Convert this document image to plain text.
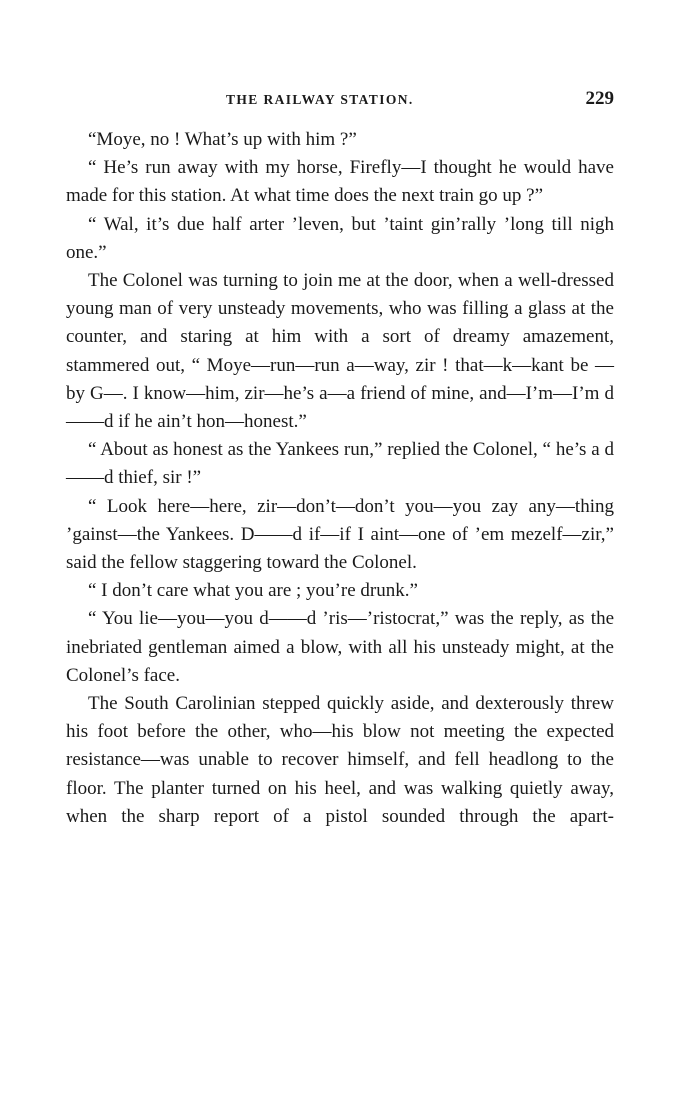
THE RAILWAY STATION.	229

“Moye, no ! What’s up with him ?”

“ He’s run away with my horse, Firefly—I thought he would have made for this station. At what time does the next train go up ?”

“ Wal, it’s due half arter ’leven, but ’taint gin’rally ’long till nigh one.”

The Colonel was turning to join me at the door, when a well-dressed young man of very unsteady movements, who was filling a glass at the counter, and staring at him with a sort of dreamy amazement, stammered out, “ Moye—run—run a—way, zir ! that—k—kant be —by G—. I know—him, zir—he’s a—a friend of mine, and—I’m—I’m d——d if he ain’t hon—honest.”

“ About as honest as the Yankees run,” replied the Colonel, “ he’s a d——d thief, sir !”

“ Look here—here, zir—don’t—don’t you—you zay any—thing ’gainst—the Yankees. D——d if—if I aint—one of ’em mezelf—zir,” said the fellow staggering toward the Colonel.

“ I don’t care what you are ; you’re drunk.”

“ You lie—you—you d——d ’ris—’ristocrat,” was the reply, as the inebriated gentleman aimed a blow, with all his unsteady might, at the Colonel’s face.

The South Carolinian stepped quickly aside, and dexterously threw his foot before the other, who—his blow not meeting the expected resistance—was unable to recover himself, and fell headlong to the floor. The planter turned on his heel, and was walking quietly away, when the sharp report of a pistol sounded through the apart-
